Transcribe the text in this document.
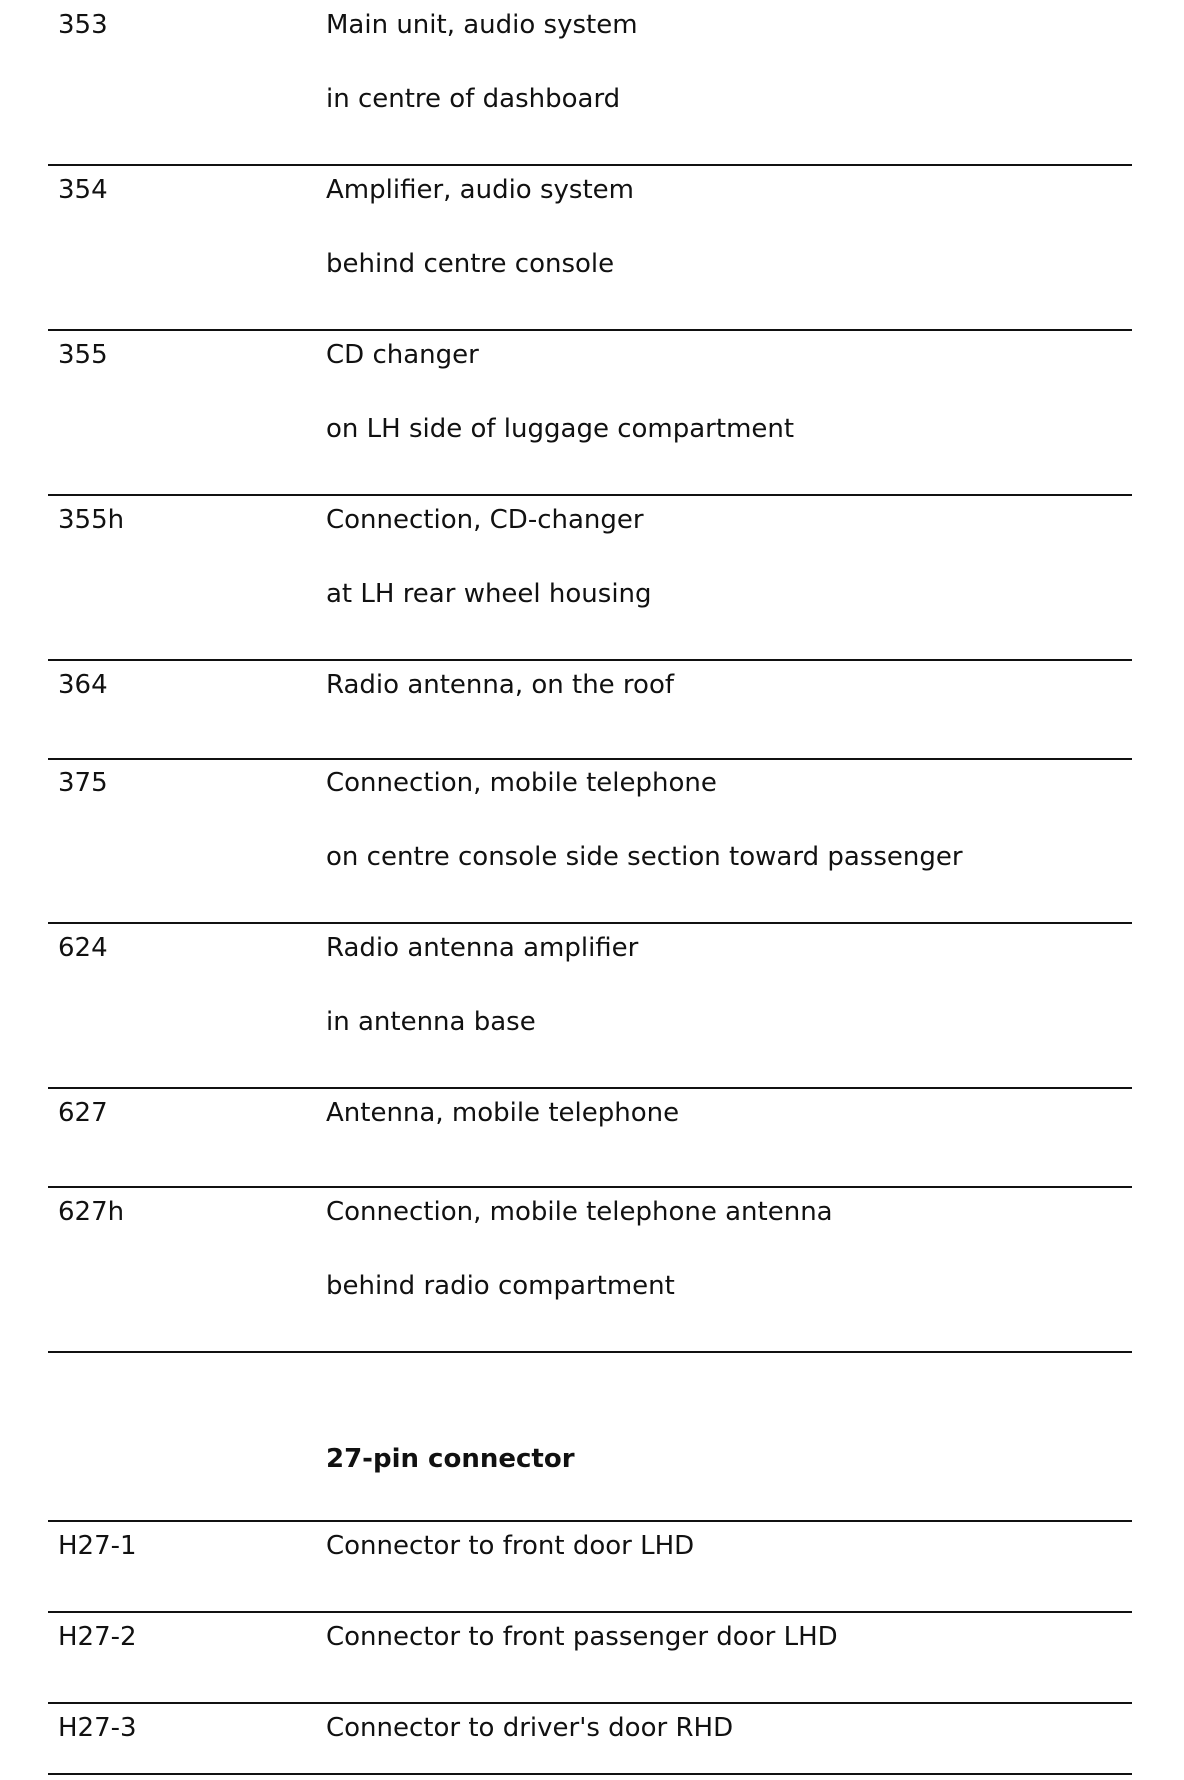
353	Main unit, audio system
in centre of dashboard
354	Amplifier, audio system
behind centre console
355	CD changer
on LH side of luggage compartment
355h	Connection, CD-changer
at LH rear wheel housing
364	Radio antenna, on the roof
375	Connection, mobile telephone
on centre console side section toward passenger
624	Radio antenna amplifier
in antenna base
627	Antenna, mobile telephone
627h	Connection, mobile telephone antenna
behind radio compartment
27-pin connector
H27-1	Connector to front door LHD
H27-2	Connector to front passenger door LHD
H27-3	Connector to driver's door RHD
